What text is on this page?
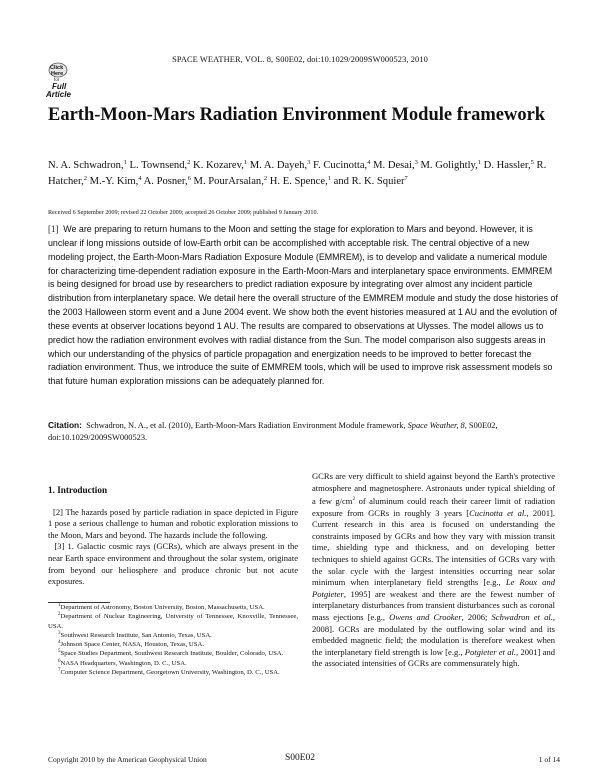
SPACE WEATHER, VOL. 8, S00E02, doi:10.1029/2009SW000523, 2010
Click
Here
for
Full
Article
Earth-Moon-Mars Radiation Environment Module framework
N. A. Schwadron,$^1$ L. Townsend,$^2$ K. Kozarev,$^1$ M. A. Dayeh,$^3$ F. Cucinotta,$^4$ M. Desai,$^3$ M. Golightly,$^1$ D. Hassler,$^5$ R. Hatcher,$^2$ M.-Y. Kim,$^4$ A. Posner,$^6$ M. PourArsalan,$^2$ H. E. Spence,$^1$ and R. K. Squier$^7$
Received 6 September 2009; revised 22 October 2009; accepted 26 October 2009; published 9 January 2010.
[1] We are preparing to return humans to the Moon and setting the stage for exploration to Mars and beyond. However, it is unclear if long missions outside of low-Earth orbit can be accomplished with acceptable risk. The central objective of a new modeling project, the Earth-Moon-Mars Radiation Exposure Module (EMMREM), is to develop and validate a numerical module for characterizing time-dependent radiation exposure in the Earth-Moon-Mars and interplanetary space environments. EMMREM is being designed for broad use by researchers to predict radiation exposure by integrating over almost any incident particle distribution from interplanetary space. We detail here the overall structure of the EMMREM module and study the dose histories of the 2003 Halloween storm event and a June 2004 event. We show both the event histories measured at 1 AU and the evolution of these events at observer locations beyond 1 AU. The results are compared to observations at Ulysses. The model allows us to predict how the radiation environment evolves with radial distance from the Sun. The model comparison also suggests areas in which our understanding of the physics of particle propagation and energization needs to be improved to better forecast the radiation environment. Thus, we introduce the suite of EMMREM tools, which will be used to improve risk assessment models so that future human exploration missions can be adequately planned for.
Citation: Schwadron, N. A., et al. (2010), Earth-Moon-Mars Radiation Environment Module framework, Space Weather, 8, S00E02, doi:10.1029/2009SW000523.
1. Introduction

[2] The hazards posed by particle radiation in space depicted in Figure 1 pose a serious challenge to human and robotic exploration missions to the Moon, Mars and beyond. The hazards include the following.

[3] 1. Galactic cosmic rays (GCRs), which are always present in the near Earth space environment and throughout the solar system, originate from beyond our heliosphere and produce chronic but not acute exposures.

GCRs are very difficult to shield against beyond the Earth's protective atmosphere and magnetosphere. Astronauts under typical shielding of a few $g/cm^2$ of aluminum could reach their career limit of radiation exposure from GCRs in roughly 3 years [Cucinotta et al., 2001]. Current research in this area is focused on understanding the constraints imposed by GCRs and how they vary with mission transit time, shielding type and thickness, and on developing better techniques to shield against GCRs. The intensities of GCRs vary with the solar cycle with the largest intensities occurring near solar minimum when interplanetary field strengths [e.g., Le Roux and Potgieter, 1995] are weakest and there are the fewest number of interplanetary disturbances from transient disturbances such as coronal mass ejections [e.g., Owens and Crooker, 2006; Schwadron et al., 2008]. GCRs are modulated by the outflowing solar wind and its embedded magnetic field; the modulation is therefore weakest when the interplanetary field strength is low [e.g., Potgieter et al., 2001] and the associated intensities of GCRs are commensurately high.
$^1$Department of Astronomy, Boston University, Boston, Massachusetts, USA.
$^2$Department of Nuclear Engineering, University of Tennessee, Knoxville, Tennessee, USA.
$^3$Southwest Research Institute, San Antonio, Texas, USA.
$^4$Johnson Space Center, NASA, Houston, Texas, USA.
$^5$Space Studies Department, Southwest Research Institute, Boulder, Colorado, USA.
$^6$NASA Headquarters, Washington, D. C., USA.
$^7$Computer Science Department, Georgetown University, Washington, D. C., USA.
Copyright 2010 by the American Geophysical Union	S00E02	1 of 14
